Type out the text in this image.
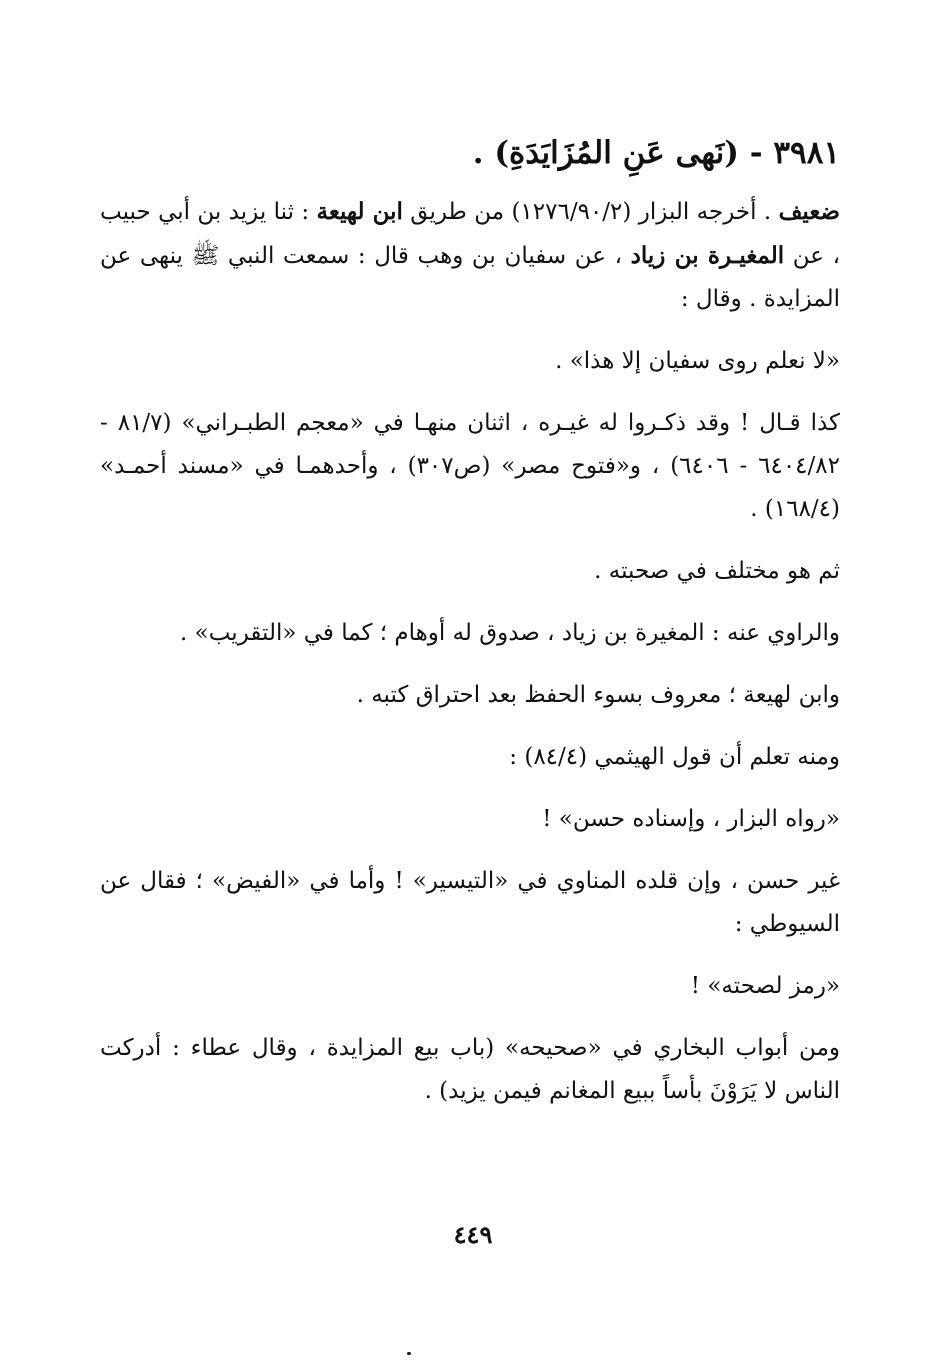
٣٩٨١ - (نَهى عَنِ المُزَايَدَةِ) .
ضعيف . أخرجه البزار (١٢٧٦/٩٠/٢) من طريق ابن لهيعة : ثنا يزيد بن أبي حبيب ، عن المغيـرة بن زياد ، عن سفيان بن وهب قال : سمعت النبي ﷺ ينهى عن المزايدة . وقال :
«لا نعلم روى سفيان إلا هذا» .
كذا قـال ! وقد ذكـروا له غيـره ، اثنان منهـا في «معجم الطبـراني» (٨١/٧ - ٦٤٠٤/٨٢ - ٦٤٠٦) ، و«فتوح مصر» (ص٣٠٧) ، وأحدهمـا في «مسند أحمـد» (١٦٨/٤) .
ثم هو مختلف في صحبته .
والراوي عنه : المغيرة بن زياد ، صدوق له أوهام ؛ كما في «التقريب» .
وابن لهيعة ؛ معروف بسوء الحفظ بعد احتراق كتبه .
ومنه تعلم أن قول الهيثمي (٨٤/٤) :
«رواه البزار ، وإسناده حسن» !
غير حسن ، وإن قلده المناوي في «التيسير» ! وأما في «الفيض» ؛ فقال عن السيوطي :
«رمز لصحته» !
ومن أبواب البخاري في «صحيحه» (باب بيع المزايدة ، وقال عطاء : أدركت الناس لا يَرَوْنَ بأساً ببيع المغانم فيمن يزيد) .
٤٤٩
